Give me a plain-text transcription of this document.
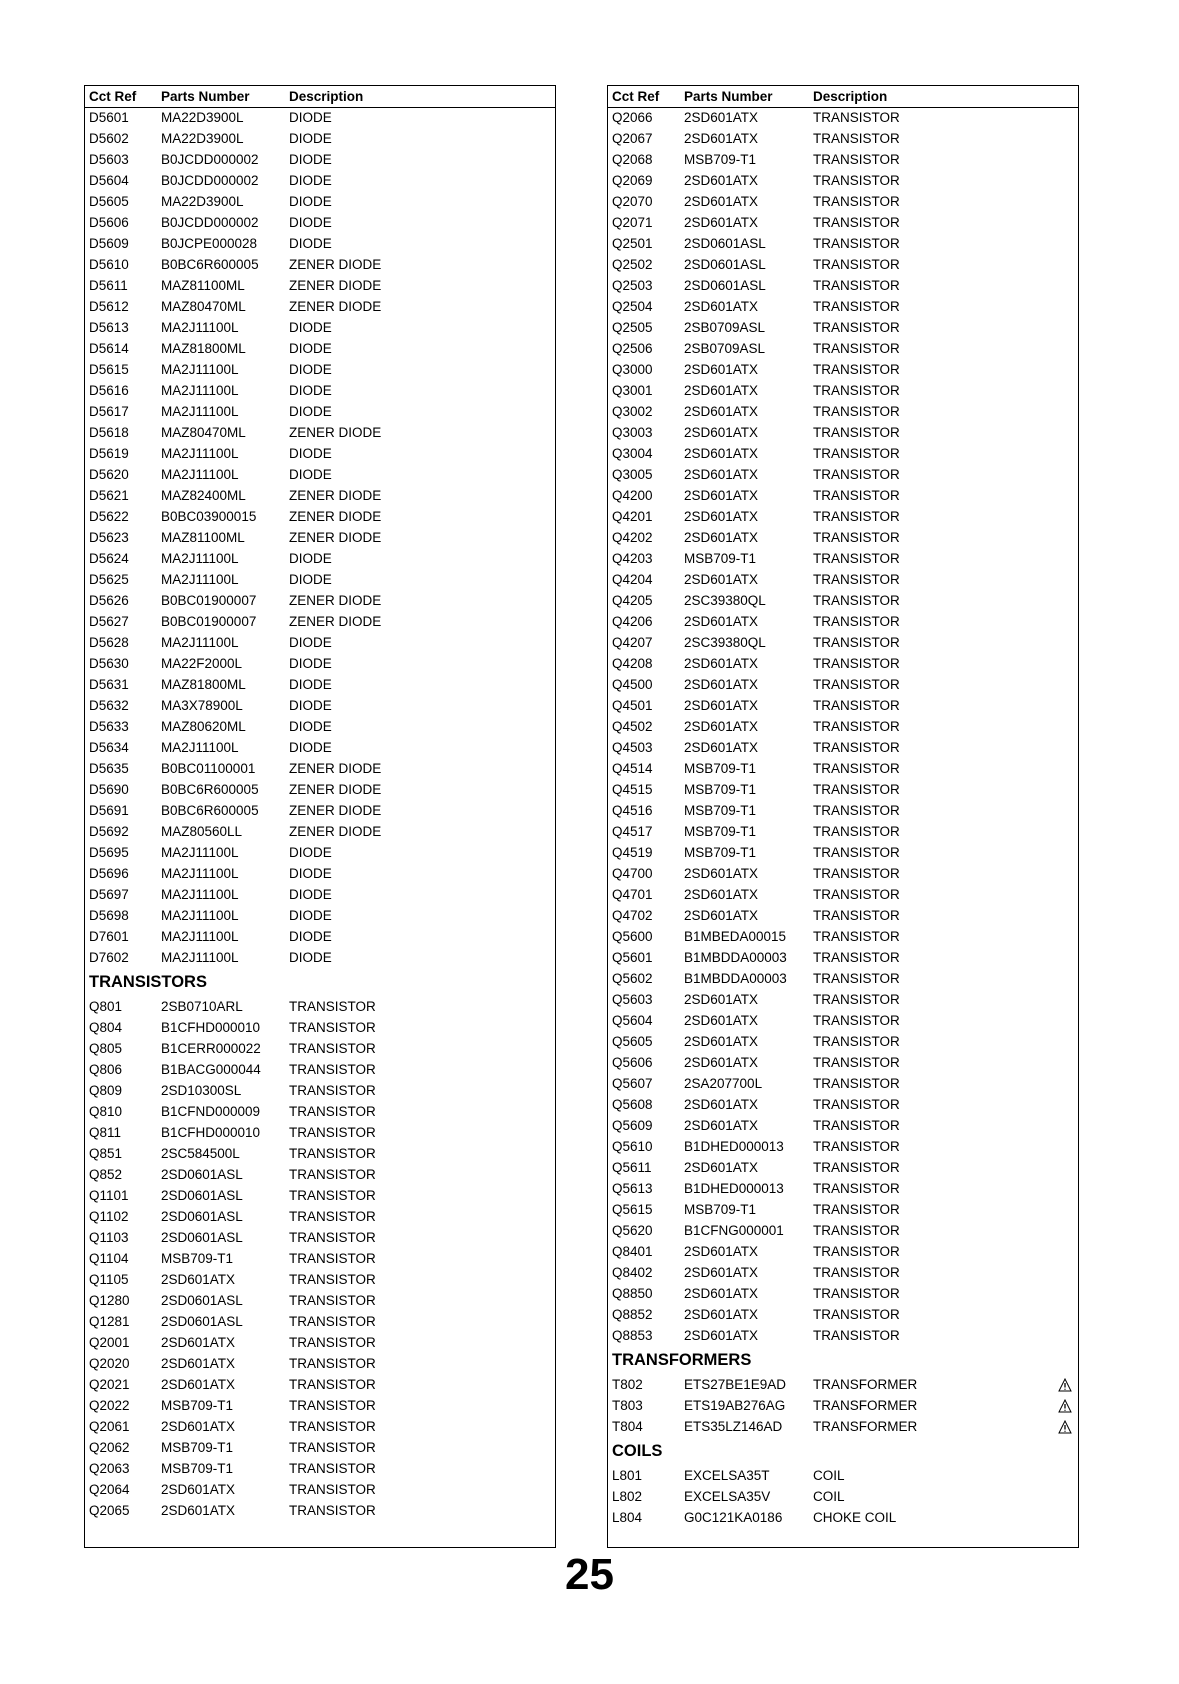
Cct Ref Parts Number	Description
D5601 MA22D3900L	DIODE
D5602 MA22D3900L	DIODE
D5603 B0JCDD000002 DIODE
D5604 B0JCDD000002 DIODE
D5605 MA22D3900L	DIODE
D5606 B0JCDD000002 DIODE
D5609 B0JCPE000028 DIODE
D5610 B0BC6R600005 ZENER DIODE
D5611 MAZ81100ML	ZENER DIODE
D5612 MAZ80470ML	ZENER DIODE
D5613 MA2J11100L	DIODE
D5614 MAZ81800ML	DIODE
D5615 MA2J11100L	DIODE
D5616 MA2J11100L	DIODE
D5617 MA2J11100L	DIODE
D5618 MAZ80470ML	ZENER DIODE
D5619 MA2J11100L	DIODE
D5620 MA2J11100L	DIODE
D5621 MAZ82400ML	ZENER DIODE
D5622 B0BC03900015 ZENER DIODE
D5623 MAZ81100ML	ZENER DIODE
D5624 MA2J11100L	DIODE
D5625 MA2J11100L	DIODE
D5626 B0BC01900007 ZENER DIODE
D5627 B0BC01900007 ZENER DIODE
D5628 MA2J11100L	DIODE
D5630 MA22F2000L	DIODE
D5631 MAZ81800ML	DIODE
D5632 MA3X78900L	DIODE
D5633 MAZ80620ML	DIODE
D5634 MA2J11100L	DIODE
D5635 B0BC01100001 ZENER DIODE
D5690 B0BC6R600005 ZENER DIODE
D5691 B0BC6R600005 ZENER DIODE
D5692 MAZ80560LL	ZENER DIODE
D5695 MA2J11100L	DIODE
D5696 MA2J11100L	DIODE
D5697 MA2J11100L	DIODE
D5698 MA2J11100L	DIODE
D7601 MA2J11100L	DIODE
D7602 MA2J11100L	DIODE
TRANSISTORS
Q801	2SB0710ARL	TRANSISTOR
Q804	B1CFHD000010 TRANSISTOR
Q805	B1CERR000022 TRANSISTOR
Q806	B1BACG000044 TRANSISTOR
Q809	2SD10300SL	TRANSISTOR
Q810	B1CFND000009 TRANSISTOR
Q811	B1CFHD000010 TRANSISTOR
Q851	2SC584500L	TRANSISTOR
Q852	2SD0601ASL	TRANSISTOR
Q1101 2SD0601ASL	TRANSISTOR
Q1102 2SD0601ASL	TRANSISTOR
Q1103 2SD0601ASL	TRANSISTOR
Q1104 MSB709-T1	TRANSISTOR
Q1105 2SD601ATX	TRANSISTOR
Q1280 2SD0601ASL	TRANSISTOR
Q1281 2SD0601ASL	TRANSISTOR
Q2001 2SD601ATX	TRANSISTOR
Q2020 2SD601ATX	TRANSISTOR
Q2021 2SD601ATX	TRANSISTOR
Q2022 MSB709-T1	TRANSISTOR
Q2061 2SD601ATX	TRANSISTOR
Q2062 MSB709-T1	TRANSISTOR
Q2063 MSB709-T1	TRANSISTOR
Q2064 2SD601ATX	TRANSISTOR
Q2065 2SD601ATX	TRANSISTOR
Cct Ref Parts Number	Description
Q2066 2SD601ATX	TRANSISTOR
Q2067 2SD601ATX	TRANSISTOR
Q2068 MSB709-T1	TRANSISTOR
Q2069 2SD601ATX	TRANSISTOR
Q2070 2SD601ATX	TRANSISTOR
Q2071 2SD601ATX	TRANSISTOR
Q2501 2SD0601ASL	TRANSISTOR
Q2502 2SD0601ASL	TRANSISTOR
Q2503 2SD0601ASL	TRANSISTOR
Q2504 2SD601ATX	TRANSISTOR
Q2505 2SB0709ASL	TRANSISTOR
Q2506 2SB0709ASL	TRANSISTOR
Q3000 2SD601ATX	TRANSISTOR
Q3001 2SD601ATX	TRANSISTOR
Q3002 2SD601ATX	TRANSISTOR
Q3003 2SD601ATX	TRANSISTOR
Q3004 2SD601ATX	TRANSISTOR
Q3005 2SD601ATX	TRANSISTOR
Q4200 2SD601ATX	TRANSISTOR
Q4201 2SD601ATX	TRANSISTOR
Q4202 2SD601ATX	TRANSISTOR
Q4203 MSB709-T1	TRANSISTOR
Q4204 2SD601ATX	TRANSISTOR
Q4205 2SC39380QL	TRANSISTOR
Q4206 2SD601ATX	TRANSISTOR
Q4207 2SC39380QL	TRANSISTOR
Q4208 2SD601ATX	TRANSISTOR
Q4500 2SD601ATX	TRANSISTOR
Q4501 2SD601ATX	TRANSISTOR
Q4502 2SD601ATX	TRANSISTOR
Q4503 2SD601ATX	TRANSISTOR
Q4514 MSB709-T1	TRANSISTOR
Q4515 MSB709-T1	TRANSISTOR
Q4516 MSB709-T1	TRANSISTOR
Q4517 MSB709-T1	TRANSISTOR
Q4519 MSB709-T1	TRANSISTOR
Q4700 2SD601ATX	TRANSISTOR
Q4701 2SD601ATX	TRANSISTOR
Q4702 2SD601ATX	TRANSISTOR
Q5600 B1MBEDA00015 TRANSISTOR
Q5601 B1MBDDA00003 TRANSISTOR
Q5602 B1MBDDA00003 TRANSISTOR
Q5603 2SD601ATX	TRANSISTOR
Q5604 2SD601ATX	TRANSISTOR
Q5605 2SD601ATX	TRANSISTOR
Q5606 2SD601ATX	TRANSISTOR
Q5607 2SA207700L	TRANSISTOR
Q5608 2SD601ATX	TRANSISTOR
Q5609 2SD601ATX	TRANSISTOR
Q5610 B1DHED000013 TRANSISTOR
Q5611 2SD601ATX	TRANSISTOR
Q5613 B1DHED000013 TRANSISTOR
Q5615 MSB709-T1	TRANSISTOR
Q5620 B1CFNG000001 TRANSISTOR
Q8401 2SD601ATX	TRANSISTOR
Q8402 2SD601ATX	TRANSISTOR
Q8850 2SD601ATX	TRANSISTOR
Q8852 2SD601ATX	TRANSISTOR
Q8853 2SD601ATX	TRANSISTOR
TRANSFORMERS
T802	ETS27BE1E9AD TRANSFORMER
T803	ETS19AB276AG TRANSFORMER
T804	ETS35LZ146AD TRANSFORMER
COILS
L801	EXCELSA35T	COIL
L802	EXCELSA35V	COIL
L804	G0C121KA0186 CHOKE COIL
25
